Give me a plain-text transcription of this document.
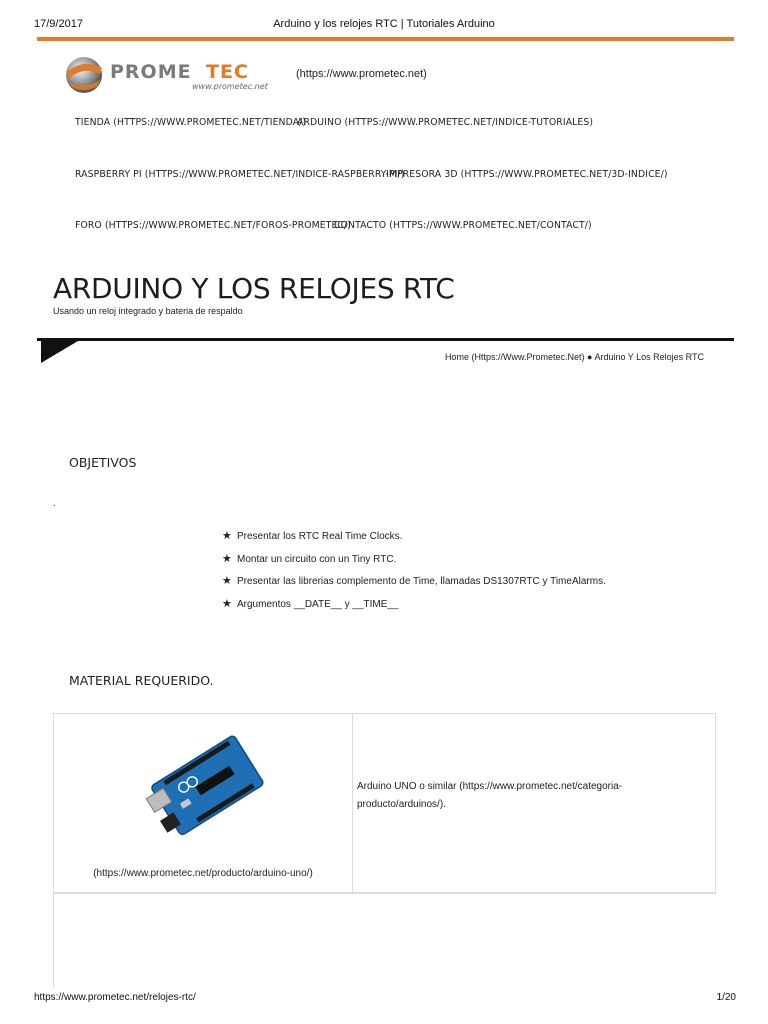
17/9/2017	Arduino y los relojes RTC | Tutoriales Arduino
PROME TEC
www.prometec.net
(https://www.prometec.net)
TIENDA (HTTPS://WWW.PROMETEC.NET/TIENDA/)
ARDUINO (HTTPS://WWW.PROMETEC.NET/INDICE-TUTORIALES)
RASPBERRY PI (HTTPS://WWW.PROMETEC.NET/INDICE-RASPBERRY-PI/)
IMPRESORA 3D (HTTPS://WWW.PROMETEC.NET/3D-INDICE/)
FORO (HTTPS://WWW.PROMETEC.NET/FOROS-PROMETEC/)
CONTACTO (HTTPS://WWW.PROMETEC.NET/CONTACT/)
ARDUINO Y LOS RELOJES RTC
Usando un reloj integrado y bateria de respaldo
Home (Https://Www.Prometec.Net) ● Arduino Y Los Relojes RTC
OBJETIVOS
.
★ Presentar los RTC Real Time Clocks.
★ Montar un circuito con un Tiny RTC.
★ Presentar las librerias complemento de Time, llamadas DS1307RTC y TimeAlarms.
★ Argumentos __DATE__ y __TIME__
MATERIAL REQUERIDO.
(https://www.prometec.net/producto/arduino-uno/)
Arduino UNO o similar (https://www.prometec.net/categoria-producto/arduinos/).
https://www.prometec.net/relojes-rtc/	1/20
